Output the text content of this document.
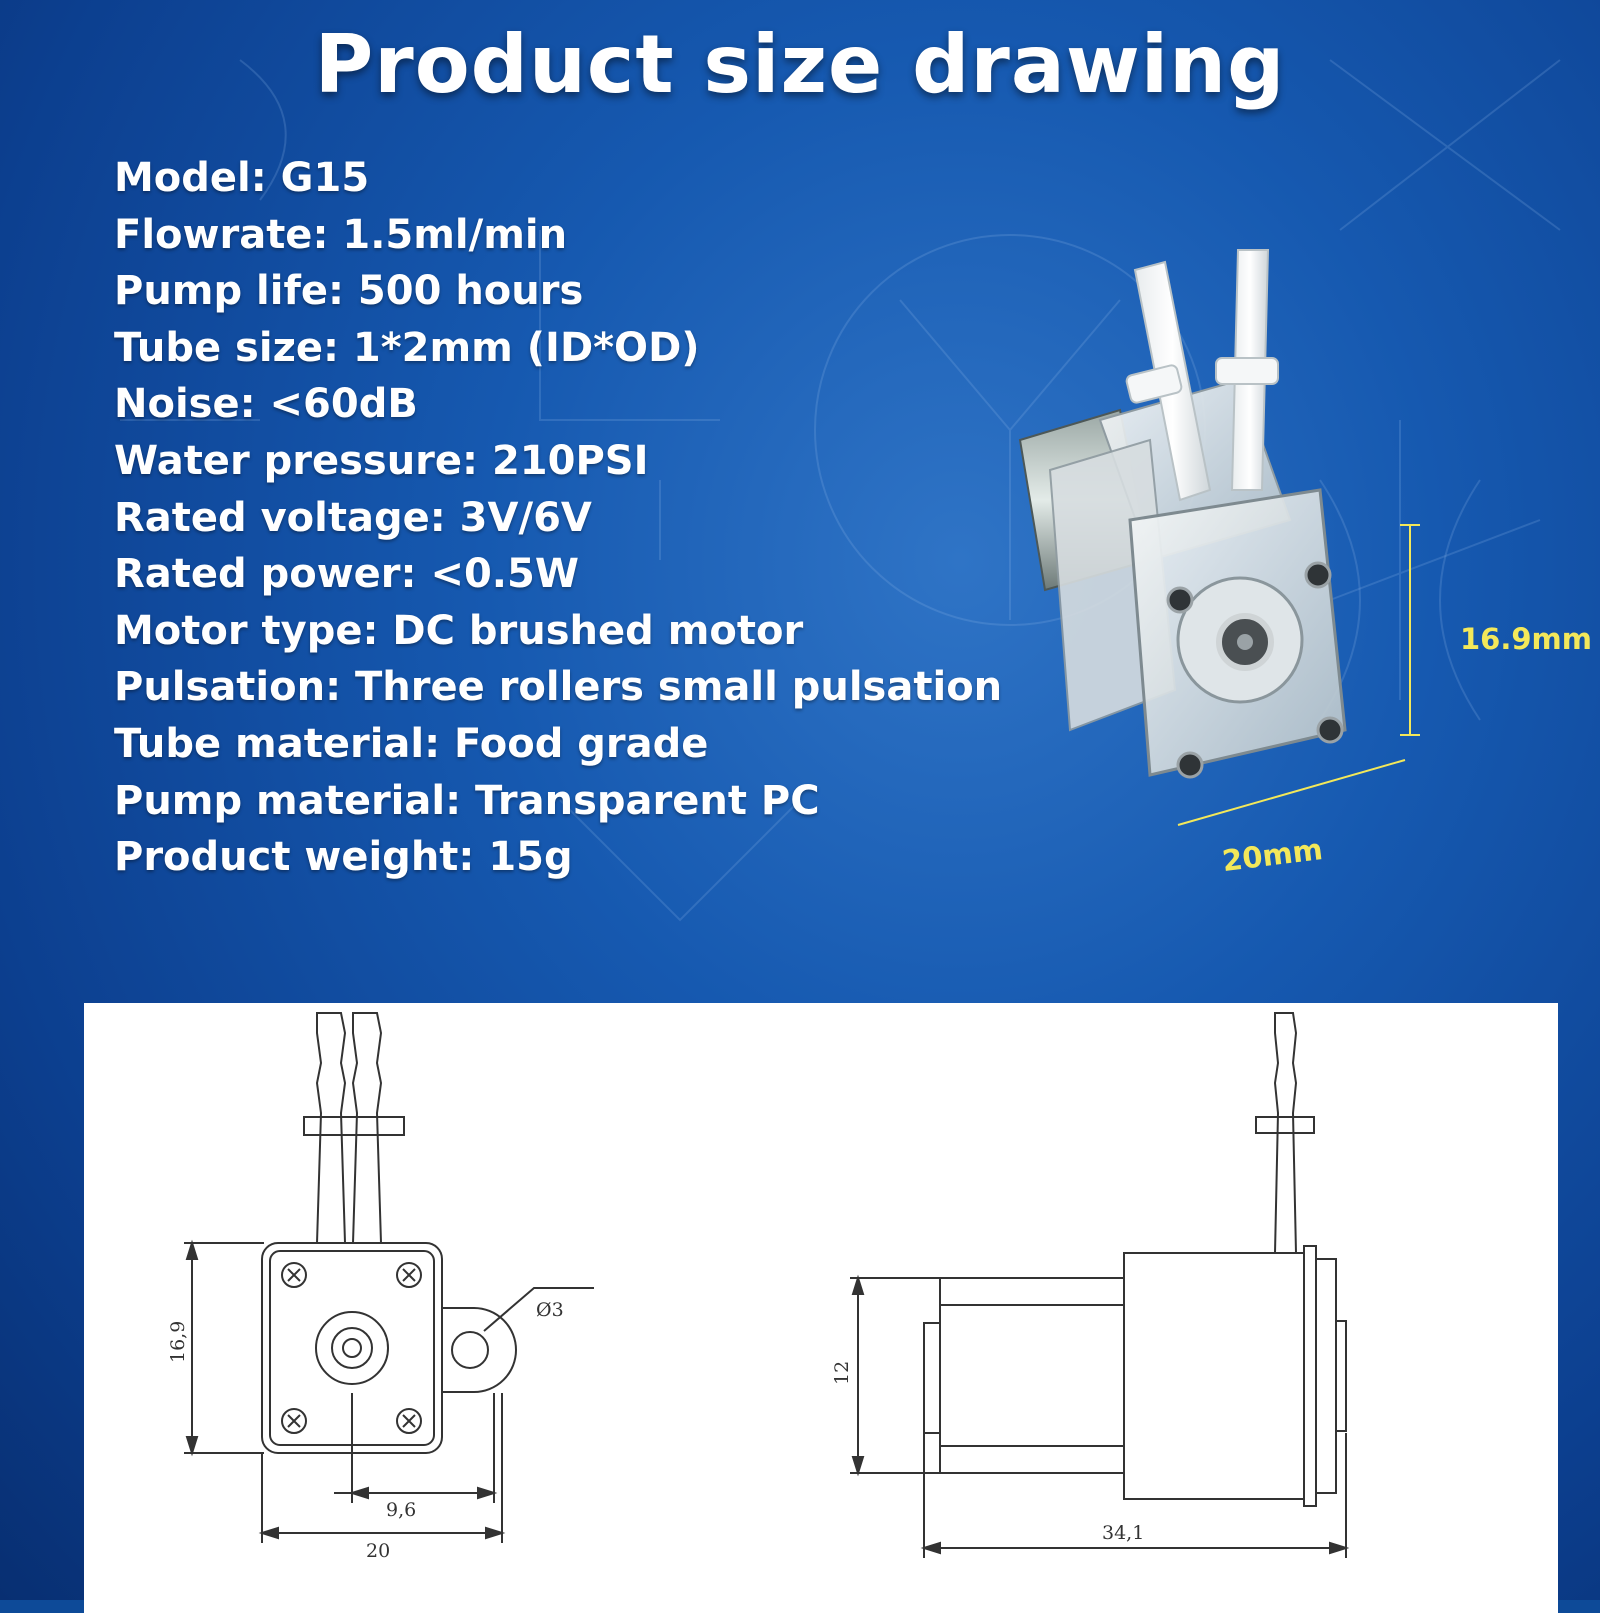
Product size drawing
Model: G15
Flowrate: 1.5ml/min
Pump life: 500 hours
Tube size: 1*2mm (ID*OD)
Noise: <60dB
Water pressure: 210PSI
Rated voltage: 3V/6V
Rated power: <0.5W
Motor type: DC brushed motor
Pulsation: Three rollers small pulsation
Tube material: Food grade
Pump material: Transparent PC
Product weight: 15g
16.9mm
20mm
16,9
Ø3
9,6
20
12
34,1
